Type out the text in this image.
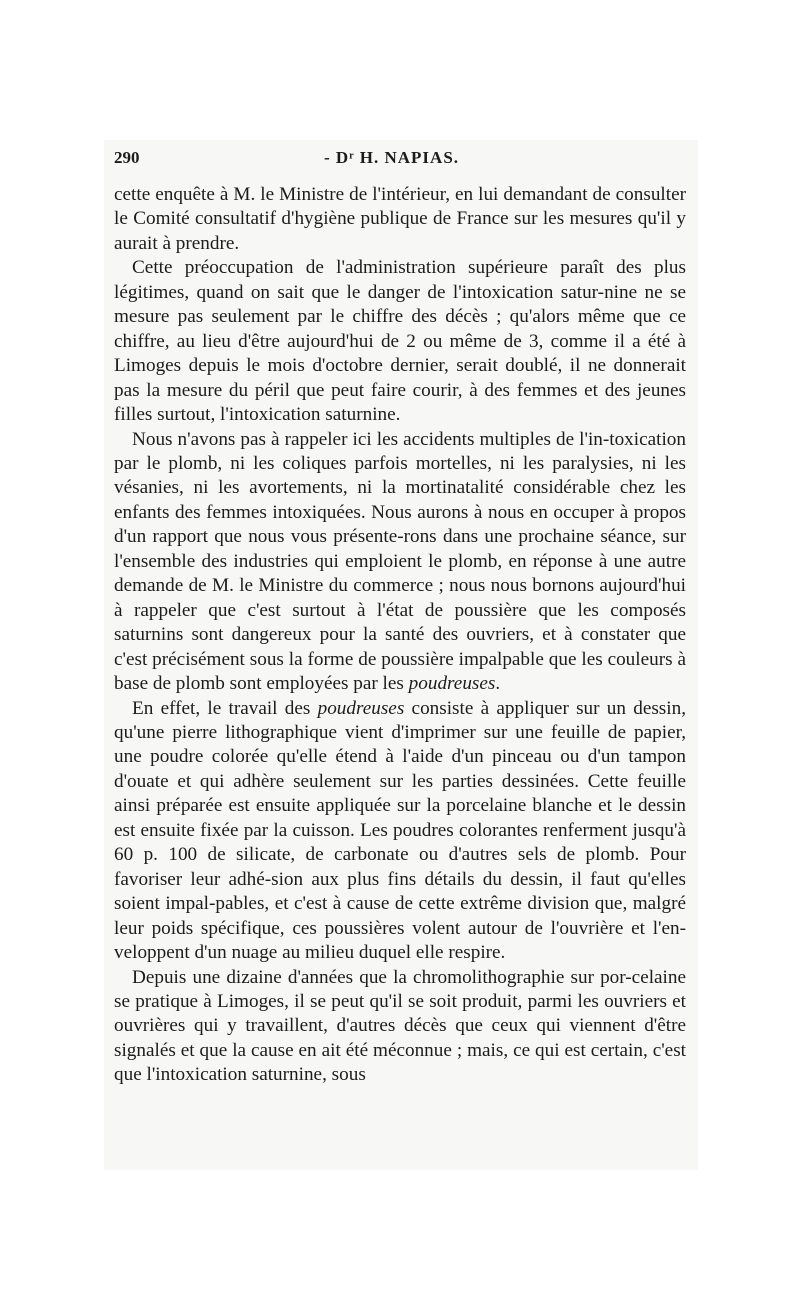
290	- Dʳ H. NAPIAS.

cette enquête à M. le Ministre de l'intérieur, en lui demandant de consulter le Comité consultatif d'hygiène publique de France sur les mesures qu'il y aurait à prendre.

Cette préoccupation de l'administration supérieure paraît des plus légitimes, quand on sait que le danger de l'intoxication satur-nine ne se mesure pas seulement par le chiffre des décès ; qu'alors même que ce chiffre, au lieu d'être aujourd'hui de 2 ou même de 3, comme il a été à Limoges depuis le mois d'octobre dernier, serait doublé, il ne donnerait pas la mesure du péril que peut faire courir, à des femmes et des jeunes filles surtout, l'intoxication saturnine.

Nous n'avons pas à rappeler ici les accidents multiples de l'in-toxication par le plomb, ni les coliques parfois mortelles, ni les paralysies, ni les vésanies, ni les avortements, ni la mortinatalité considérable chez les enfants des femmes intoxiquées. Nous aurons à nous en occuper à propos d'un rapport que nous vous présente-rons dans une prochaine séance, sur l'ensemble des industries qui emploient le plomb, en réponse à une autre demande de M. le Ministre du commerce ; nous nous bornons aujourd'hui à rappeler que c'est surtout à l'état de poussière que les composés saturnins sont dangereux pour la santé des ouvriers, et à constater que c'est précisément sous la forme de poussière impalpable que les couleurs à base de plomb sont employées par les poudreuses.

En effet, le travail des poudreuses consiste à appliquer sur un dessin, qu'une pierre lithographique vient d'imprimer sur une feuille de papier, une poudre colorée qu'elle étend à l'aide d'un pinceau ou d'un tampon d'ouate et qui adhère seulement sur les parties dessinées. Cette feuille ainsi préparée est ensuite appliquée sur la porcelaine blanche et le dessin est ensuite fixée par la cuisson. Les poudres colorantes renferment jusqu'à 60 p. 100 de silicate, de carbonate ou d'autres sels de plomb. Pour favoriser leur adhé-sion aux plus fins détails du dessin, il faut qu'elles soient impal-pables, et c'est à cause de cette extrême division que, malgré leur poids spécifique, ces poussières volent autour de l'ouvrière et l'en-veloppent d'un nuage au milieu duquel elle respire.

Depuis une dizaine d'années que la chromolithographie sur por-celaine se pratique à Limoges, il se peut qu'il se soit produit, parmi les ouvriers et ouvrières qui y travaillent, d'autres décès que ceux qui viennent d'être signalés et que la cause en ait été méconnue ; mais, ce qui est certain, c'est que l'intoxication saturnine, sous
